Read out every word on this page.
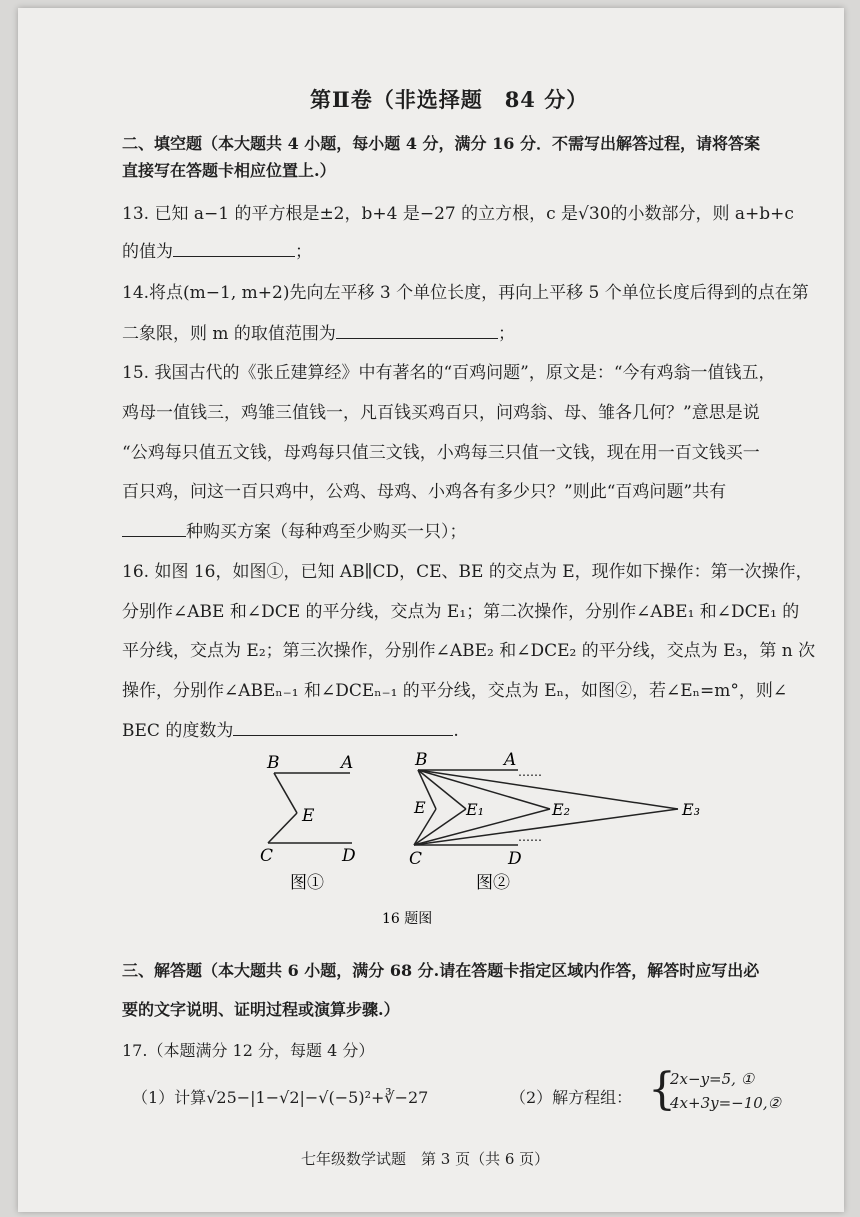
第Ⅱ卷（非选择题　84 分）
二、填空题（本大题共 4 小题，每小题 4 分，满分 16 分．不需写出解答过程，请将答案
直接写在答题卡相应位置上.）
13. 已知 a−1 的平方根是±2，b+4 是−27 的立方根，c 是√30的小数部分，则 a+b+c
的值为	；
14.将点(m−1, m+2)先向左平移 3 个单位长度，再向上平移 5 个单位长度后得到的点在第
二象限，则 m 的取值范围为	；
15. 我国古代的《张丘建算经》中有著名的“百鸡问题”，原文是：“今有鸡翁一值钱五，
鸡母一值钱三，鸡雏三值钱一，凡百钱买鸡百只，问鸡翁、母、雏各几何？”意思是说
“公鸡每只值五文钱，母鸡每只值三文钱，小鸡每三只值一文钱，现在用一百文钱买一
百只鸡，问这一百只鸡中，公鸡、母鸡、小鸡各有多少只？”则此“百鸡问题”共有
种购买方案（每种鸡至少购买一只）；
16. 如图 16，如图①，已知 AB∥CD，CE、BE 的交点为 E，现作如下操作：第一次操作，
分别作∠ABE 和∠DCE 的平分线，交点为 E₁；第二次操作，分别作∠ABE₁ 和∠DCE₁ 的
平分线，交点为 E₂；第三次操作，分别作∠ABE₂ 和∠DCE₂ 的平分线，交点为 E₃，第 n 次
操作，分别作∠ABEₙ₋₁ 和∠DCEₙ₋₁ 的平分线，交点为 Eₙ，如图②，若∠Eₙ=m°，则∠
BEC 的度数为	.
B	A
E
C	D
图①
……
……
B	A
E	E₁	E₂	E₃
C	D
图②
16 题图
三、解答题（本大题共 6 小题，满分 68 分.请在答题卡指定区域内作答，解答时应写出必
要的文字说明、证明过程或演算步骤.）
17.（本题满分 12 分，每题 4 分）
（1）计算√25−|1−√2|−√(−5)²+∛−27	（2）解方程组： {
2x−y=5, ①
4x+3y=−10,②
七年级数学试题　第 3 页（共 6 页）
